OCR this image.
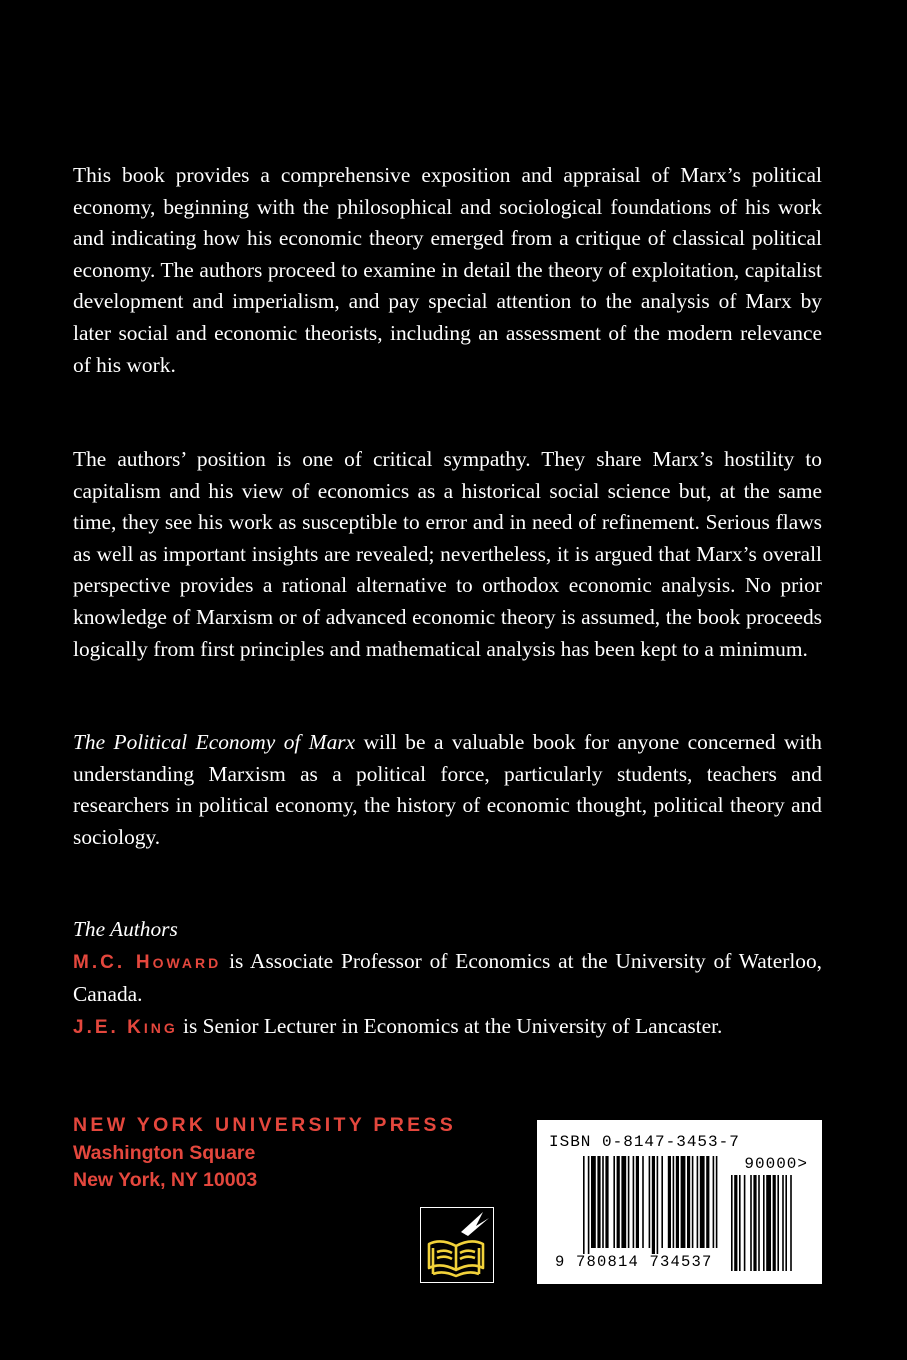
This book provides a comprehensive exposition and appraisal of Marx’s political economy, beginning with the philosophical and sociological foundations of his work and indicating how his economic theory emerged from a critique of classical political economy. The authors proceed to examine in detail the theory of exploitation, capitalist development and imperialism, and pay special attention to the analysis of Marx by later social and economic theorists, including an assessment of the modern relevance of his work.

The authors’ position is one of critical sympathy. They share Marx’s hostility to capitalism and his view of economics as a historical social science but, at the same time, they see his work as susceptible to error and in need of refinement. Serious flaws as well as important insights are revealed; nevertheless, it is argued that Marx’s overall perspective provides a rational alternative to orthodox economic analysis. No prior knowledge of Marxism or of advanced economic theory is assumed, the book proceeds logically from first principles and mathematical analysis has been kept to a minimum.

The Political Economy of Marx will be a valuable book for anyone concerned with understanding Marxism as a political force, particularly students, teachers and researchers in political economy, the history of economic thought, political theory and sociology.

The Authors
M.C. HOWARD is Associate Professor of Economics at the University of Waterloo, Canada.
J.E. KING is Senior Lecturer in Economics at the University of Lancaster.
NEW YORK UNIVERSITY PRESS
Washington Square
New York, NY 10003
ISBN 0-8147-3453-7
90000>
9 780814 734537
